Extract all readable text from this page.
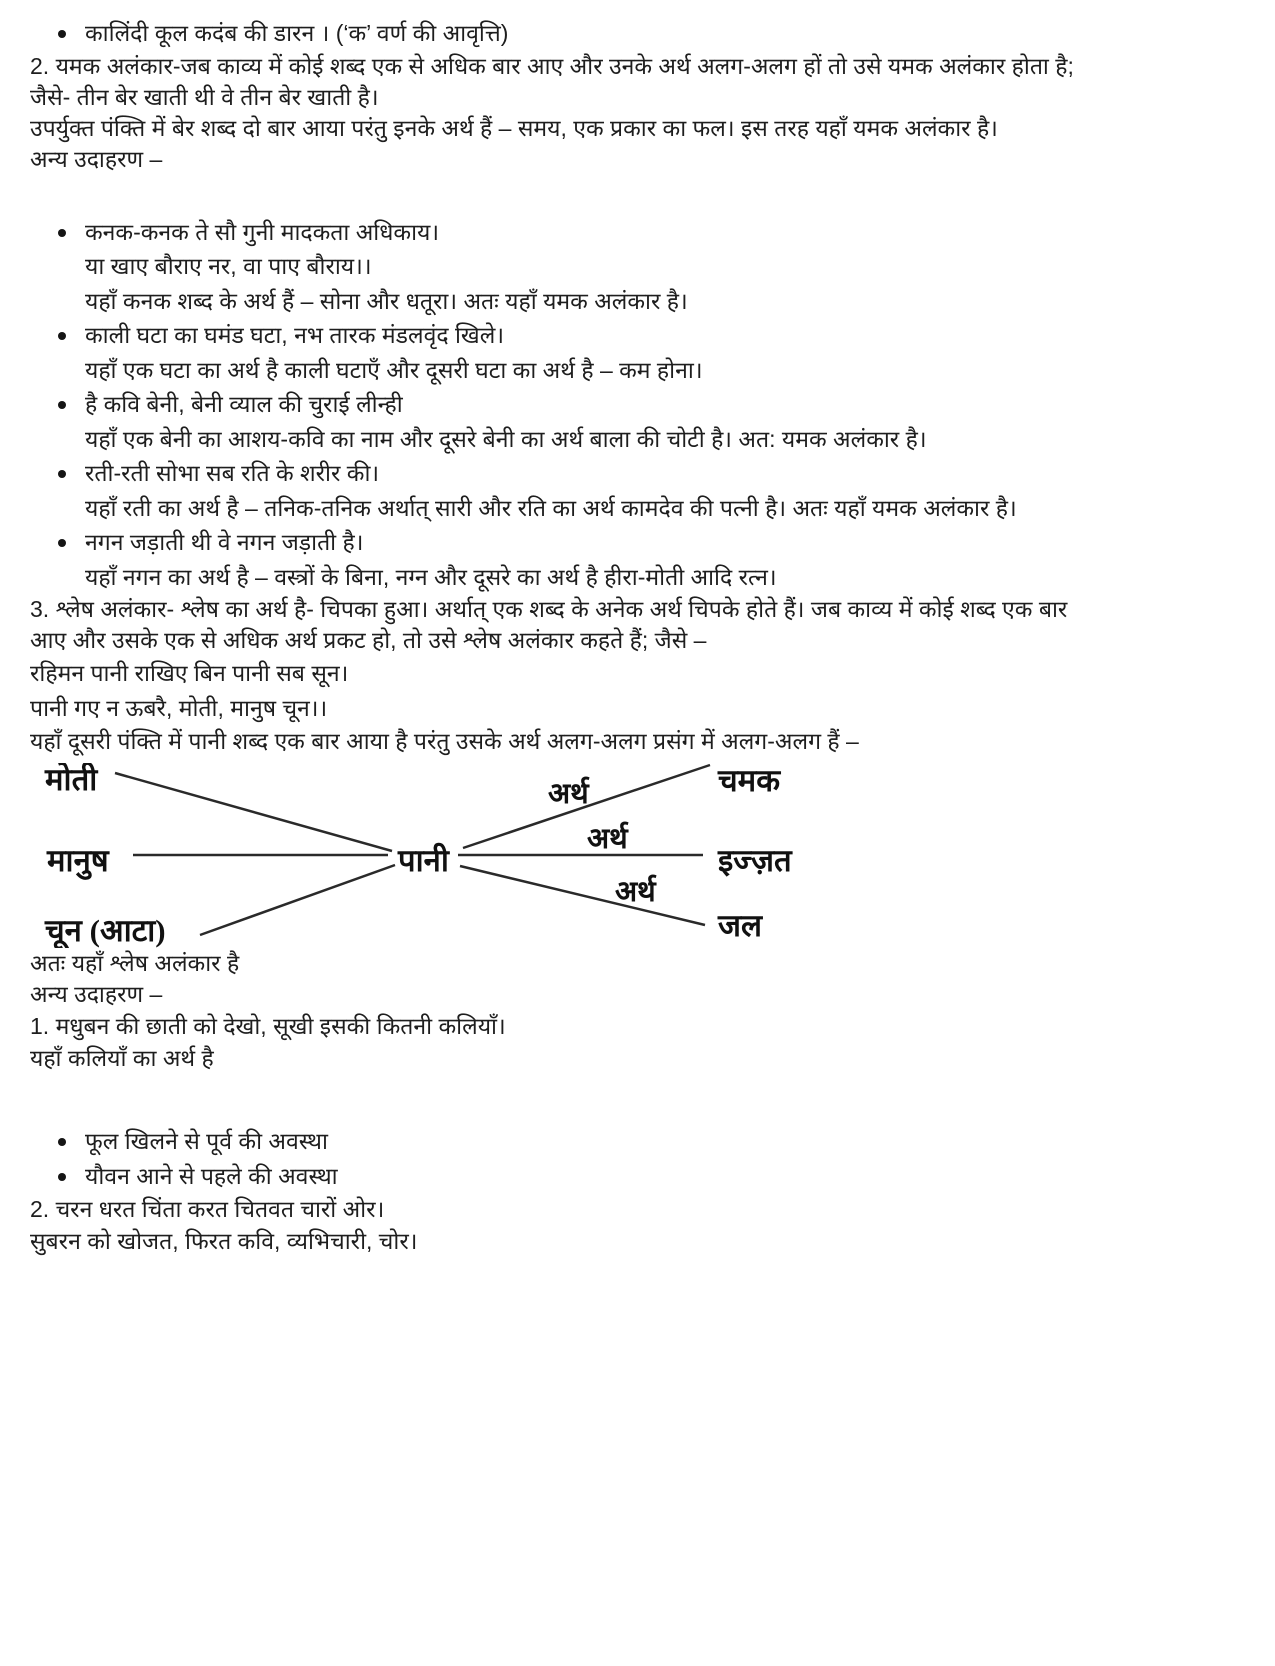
कालिंदी कूल कदंब की डारन । (‘क’ वर्ण की आवृत्ति)

2. यमक अलंकार-जब काव्य में कोई शब्द एक से अधिक बार आए और उनके अर्थ अलग-अलग हों तो उसे यमक अलंकार होता है;
जैसे- तीन बेर खाती थी वे तीन बेर खाती है।
उपर्युक्त पंक्ति में बेर शब्द दो बार आया परंतु इनके अर्थ हैं – समय, एक प्रकार का फल। इस तरह यहाँ यमक अलंकार है।

अन्य उदाहरण –

कनक-कनक ते सौ गुनी मादकता अधिकाय।
या खाए बौराए नर, वा पाए बौराय।।
यहाँ कनक शब्द के अर्थ हैं – सोना और धतूरा। अतः यहाँ यमक अलंकार है।
काली घटा का घमंड घटा, नभ तारक मंडलवृंद खिले।
यहाँ एक घटा का अर्थ है काली घटाएँ और दूसरी घटा का अर्थ है – कम होना।
है कवि बेनी, बेनी व्याल की चुराई लीन्ही
यहाँ एक बेनी का आशय-कवि का नाम और दूसरे बेनी का अर्थ बाला की चोटी है। अत: यमक अलंकार है।
रती-रती सोभा सब रति के शरीर की।
यहाँ रती का अर्थ है – तनिक-तनिक अर्थात् सारी और रति का अर्थ कामदेव की पत्नी है। अतः यहाँ यमक अलंकार है।
नगन जड़ाती थी वे नगन जड़ाती है।
यहाँ नगन का अर्थ है – वस्त्रों के बिना, नग्न और दूसरे का अर्थ है हीरा-मोती आदि रत्न।

3. श्लेष अलंकार- श्लेष का अर्थ है- चिपका हुआ। अर्थात् एक शब्द के अनेक अर्थ चिपके होते हैं। जब काव्य में कोई शब्द एक बार
आए और उसके एक से अधिक अर्थ प्रकट हो, तो उसे श्लेष अलंकार कहते हैं; जैसे –

रहिमन पानी राखिए बिन पानी सब सून।
पानी गए न ऊबरै, मोती, मानुष चून।।

यहाँ दूसरी पंक्ति में पानी शब्द एक बार आया है परंतु उसके अर्थ अलग-अलग प्रसंग में अलग-अलग हैं –

मोती
मानुष
चून (आटा)
पानी
चमक
इज्ज़त
जल
अर्थ
अर्थ
अर्थ

अतः यहाँ श्लेष अलंकार है

अन्य उदाहरण –

1. मधुबन की छाती को देखो, सूखी इसकी कितनी कलियाँ।
यहाँ कलियाँ का अर्थ है

फूल खिलने से पूर्व की अवस्था
यौवन आने से पहले की अवस्था

2. चरन धरत चिंता करत चितवत चारों ओर।
सुबरन को खोजत, फिरत कवि, व्यभिचारी, चोर।
